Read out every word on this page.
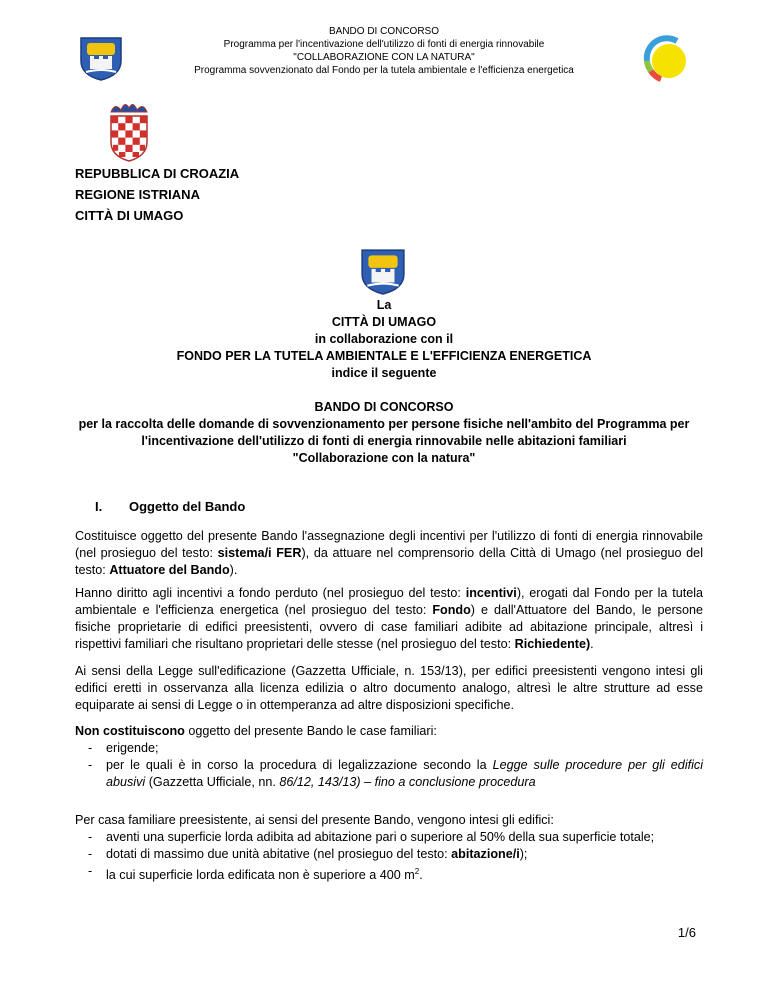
BANDO DI CONCORSO
Programma per l'incentivazione dell'utilizzo di fonti di energia rinnovabile
"COLLABORAZIONE CON LA NATURA"
Programma sovvenzionato dal Fondo per la tutela ambientale e l'efficienza energetica
REPUBBLICA DI CROAZIA
REGIONE ISTRIANA
CITTÀ DI UMAGO
La
CITTÀ DI UMAGO
in collaborazione con il
FONDO PER LA TUTELA AMBIENTALE E L'EFFICIENZA ENERGETICA
indice il seguente
BANDO DI CONCORSO
per la raccolta delle domande di sovvenzionamento per persone fisiche nell'ambito del Programma per
l'incentivazione dell'utilizzo di fonti di energia rinnovabile nelle abitazioni familiari
"Collaborazione con la natura"
I. Oggetto del Bando
Costituisce oggetto del presente Bando l'assegnazione degli incentivi per l'utilizzo di fonti di energia rinnovabile (nel prosieguo del testo: sistema/i FER), da attuare nel comprensorio della Città di Umago (nel prosieguo del testo: Attuatore del Bando).
Hanno diritto agli incentivi a fondo perduto (nel prosieguo del testo: incentivi), erogati dal Fondo per la tutela ambientale e l'efficienza energetica (nel prosieguo del testo: Fondo) e dall'Attuatore del Bando, le persone fisiche proprietarie di edifici preesistenti, ovvero di case familiari adibite ad abitazione principale, altresì i rispettivi familiari che risultano proprietari delle stesse (nel prosieguo del testo: Richiedente).
Ai sensi della Legge sull'edificazione (Gazzetta Ufficiale, n. 153/13), per edifici preesistenti vengono intesi gli edifici eretti in osservanza alla licenza edilizia o altro documento analogo, altresì le altre strutture ad esse equiparate ai sensi di Legge o in ottemperanza ad altre disposizioni specifiche.
Non costituiscono oggetto del presente Bando le case familiari:
- erigende;
- per le quali è in corso la procedura di legalizzazione secondo la Legge sulle procedure per gli edifici abusivi (Gazzetta Ufficiale, nn. 86/12, 143/13) – fino a conclusione procedura
Per casa familiare preesistente, ai sensi del presente Bando, vengono intesi gli edifici:
- aventi una superficie lorda adibita ad abitazione pari o superiore al 50% della sua superficie totale;
- dotati di massimo due unità abitative (nel prosieguo del testo: abitazione/i);
- la cui superficie lorda edificata non è superiore a 400 $m^2$.
1/6
